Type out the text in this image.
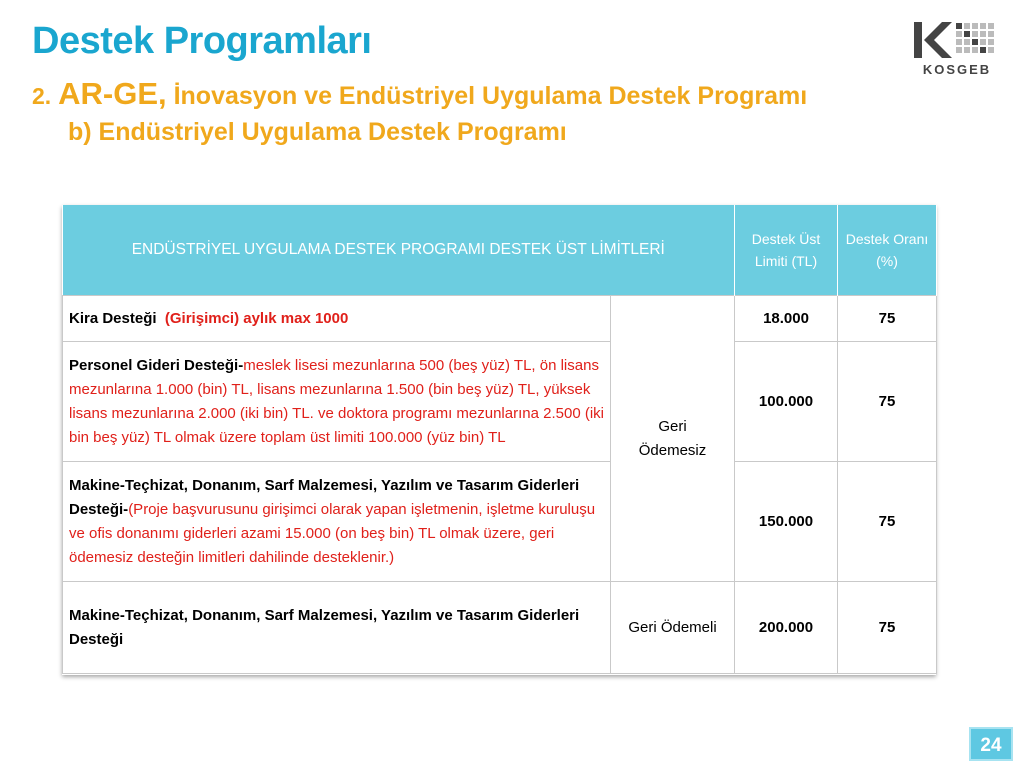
Destek Programları
2. AR-GE, İnovasyon ve Endüstriyel Uygulama Destek Programı
b) Endüstriyel Uygulama Destek Programı
KOSGEB
ENDÜSTRİYEL UYGULAMA DESTEK PROGRAMI DESTEK ÜST LİMİTLERİ		Destek Üst Limiti (TL)	Destek Oranı (%)
Kira Desteği (Girişimci) aylık max 1000	Geri Ödemesiz	18.000	75
Personel Gideri Desteği-meslek lisesi mezunlarına 500 (beş yüz) TL, ön lisans mezunlarına 1.000 (bin) TL, lisans mezunlarına 1.500 (bin beş yüz) TL, yüksek lisans mezunlarına 2.000 (iki bin) TL. ve doktora programı mezunlarına 2.500 (iki bin beş yüz) TL olmak üzere toplam üst limiti 100.000 (yüz bin) TL		100.000	75
Makine-Teçhizat, Donanım, Sarf Malzemesi, Yazılım ve Tasarım Giderleri Desteği-(Proje başvurusunu girişimci olarak yapan işletmenin, işletme kuruluşu ve ofis donanımı giderleri azami 15.000 (on beş bin) TL olmak üzere, geri ödemesiz desteğin limitleri dahilinde desteklenir.)		150.000	75
Makine-Teçhizat, Donanım, Sarf Malzemesi, Yazılım ve Tasarım Giderleri Desteği	Geri Ödemeli	200.000	75
24
